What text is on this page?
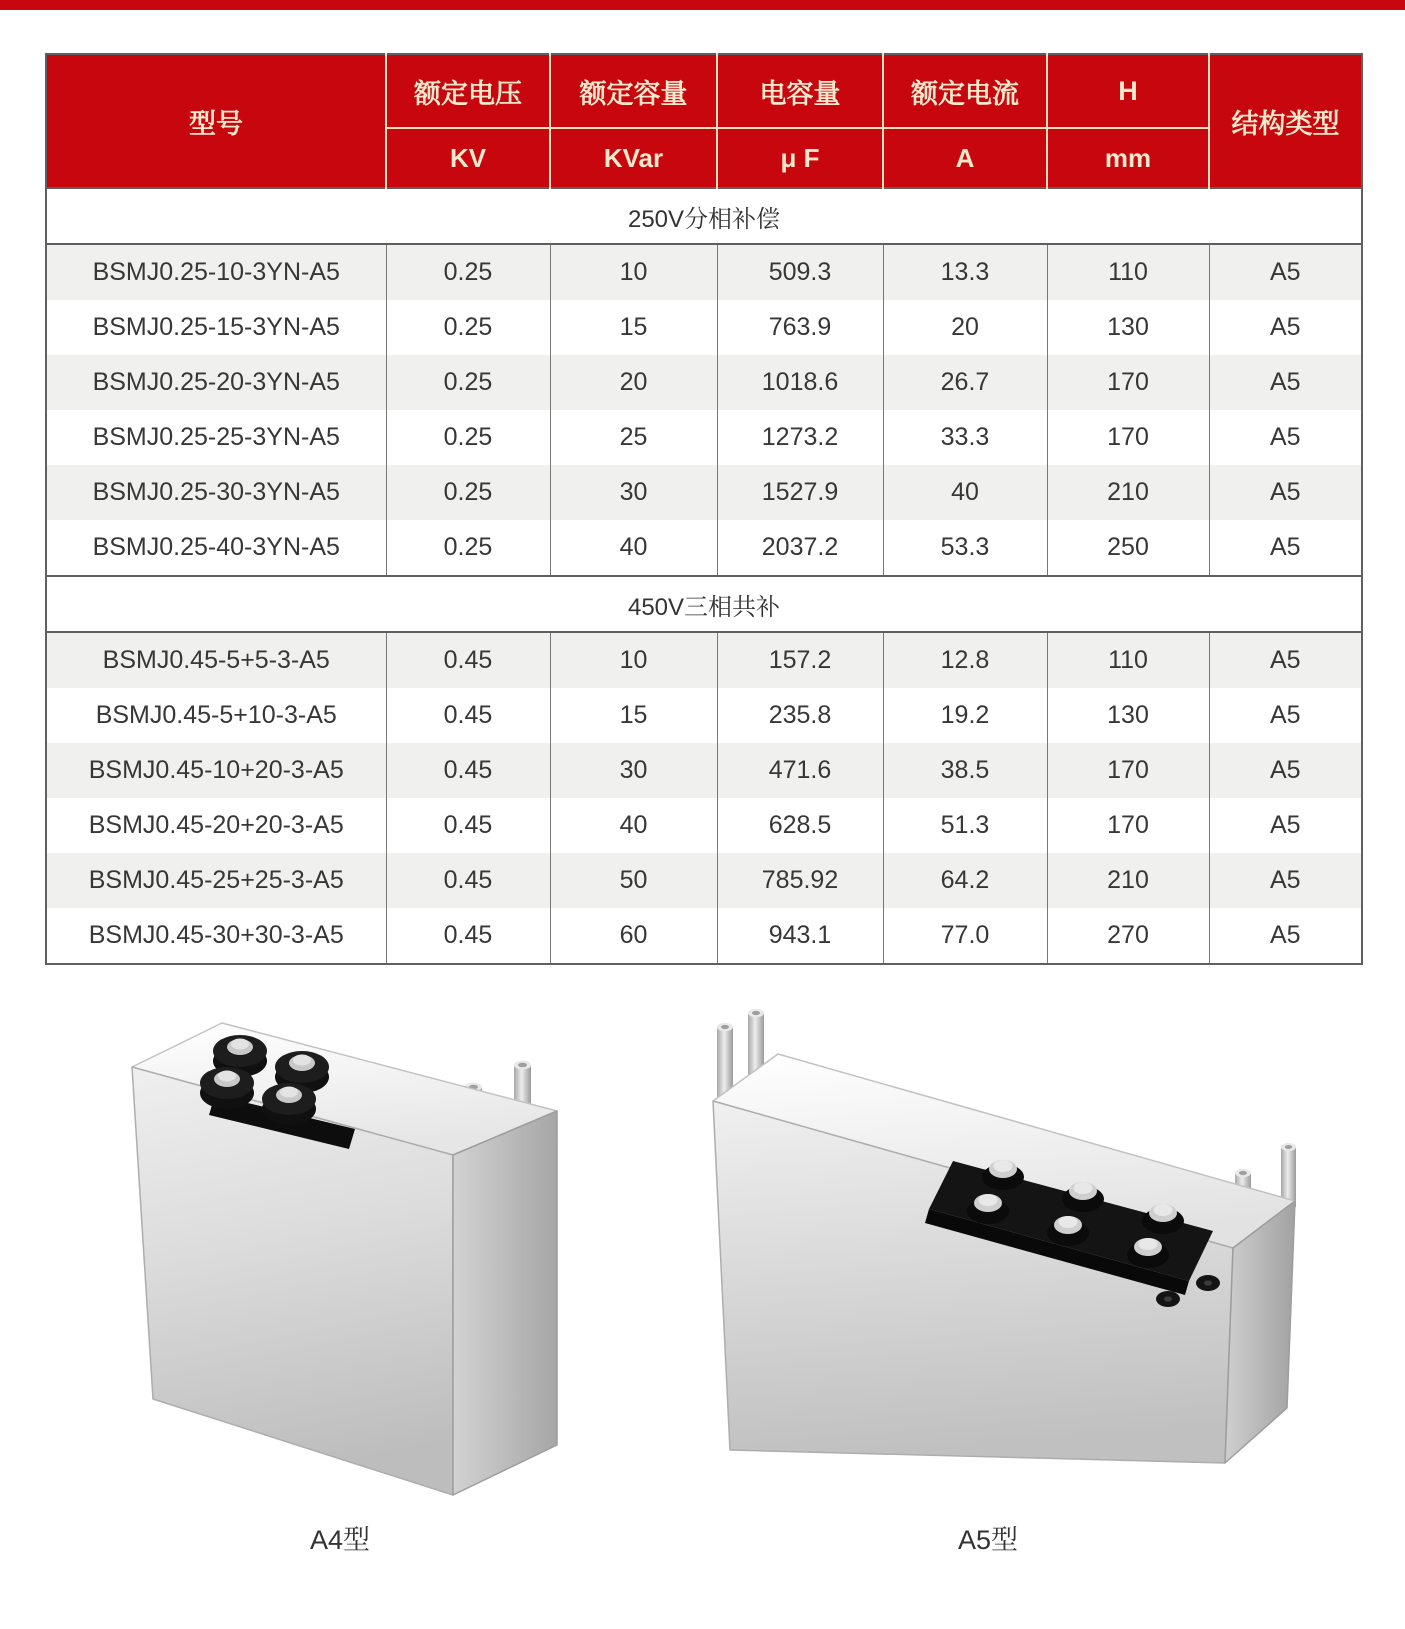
型号	额定电压	额定容量	电容量	额定电流	H	结构类型
	KV	KVar	μ F	A	mm	
250V分相补偿						
BSMJ0.25-10-3YN-A5	0.25	10	509.3	13.3	110	A5
BSMJ0.25-15-3YN-A5	0.25	15	763.9	20	130	A5
BSMJ0.25-20-3YN-A5	0.25	20	1018.6	26.7	170	A5
BSMJ0.25-25-3YN-A5	0.25	25	1273.2	33.3	170	A5
BSMJ0.25-30-3YN-A5	0.25	30	1527.9	40	210	A5
BSMJ0.25-40-3YN-A5	0.25	40	2037.2	53.3	250	A5
450V三相共补						
BSMJ0.45-5+5-3-A5	0.45	10	157.2	12.8	110	A5
BSMJ0.45-5+10-3-A5	0.45	15	235.8	19.2	130	A5
BSMJ0.45-10+20-3-A5	0.45	30	471.6	38.5	170	A5
BSMJ0.45-20+20-3-A5	0.45	40	628.5	51.3	170	A5
BSMJ0.45-25+25-3-A5	0.45	50	785.92	64.2	210	A5
BSMJ0.45-30+30-3-A5	0.45	60	943.1	77.0	270	A5
A4型	A5型
